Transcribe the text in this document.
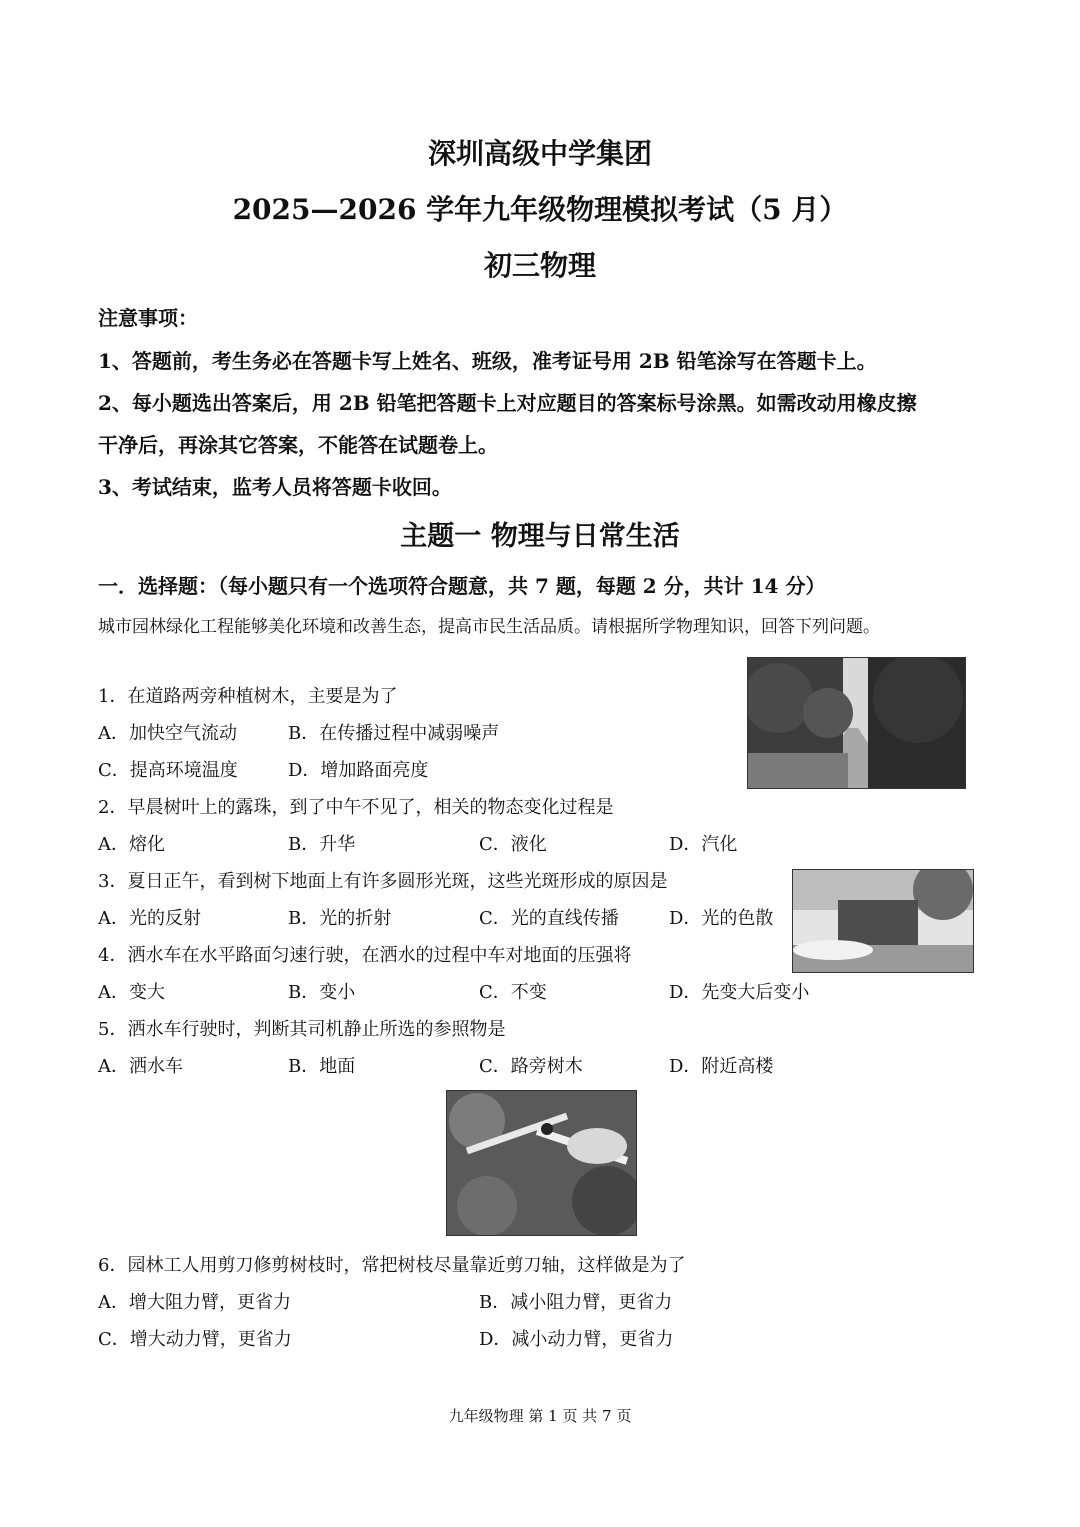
深圳高级中学集团
2025—2026 学年九年级物理模拟考试（5 月）
初三物理
注意事项：
1、答题前，考生务必在答题卡写上姓名、班级，准考证号用 2B 铅笔涂写在答题卡上。
2、每小题选出答案后，用 2B 铅笔把答题卡上对应题目的答案标号涂黑。如需改动用橡皮擦
干净后，再涂其它答案，不能答在试题卷上。
3、考试结束，监考人员将答题卡收回。
主题一 物理与日常生活
一．选择题：（每小题只有一个选项符合题意，共 7 题，每题 2 分，共计 14 分）
城市园林绿化工程能够美化环境和改善生态，提高市民生活品质。请根据所学物理知识，回答下列问题。
1．在道路两旁种植树木，主要是为了
A．加快空气流动	B．在传播过程中减弱噪声
C．提高环境温度	D．增加路面亮度
2．早晨树叶上的露珠，到了中午不见了，相关的物态变化过程是
A．熔化	B．升华	C．液化	D．汽化
3．夏日正午，看到树下地面上有许多圆形光斑，这些光斑形成的原因是
A．光的反射	B．光的折射	C．光的直线传播	D．光的色散
4．洒水车在水平路面匀速行驶，在洒水的过程中车对地面的压强将
A．变大	B．变小	C．不变	D．先变大后变小
5．洒水车行驶时，判断其司机静止所选的参照物是
A．洒水车	B．地面	C．路旁树木	D．附近高楼
6．园林工人用剪刀修剪树枝时，常把树枝尽量靠近剪刀轴，这样做是为了
A．增大阻力臂，更省力	B．减小阻力臂，更省力
C．增大动力臂，更省力	D．减小动力臂，更省力
九年级物理 第 1 页 共 7 页
